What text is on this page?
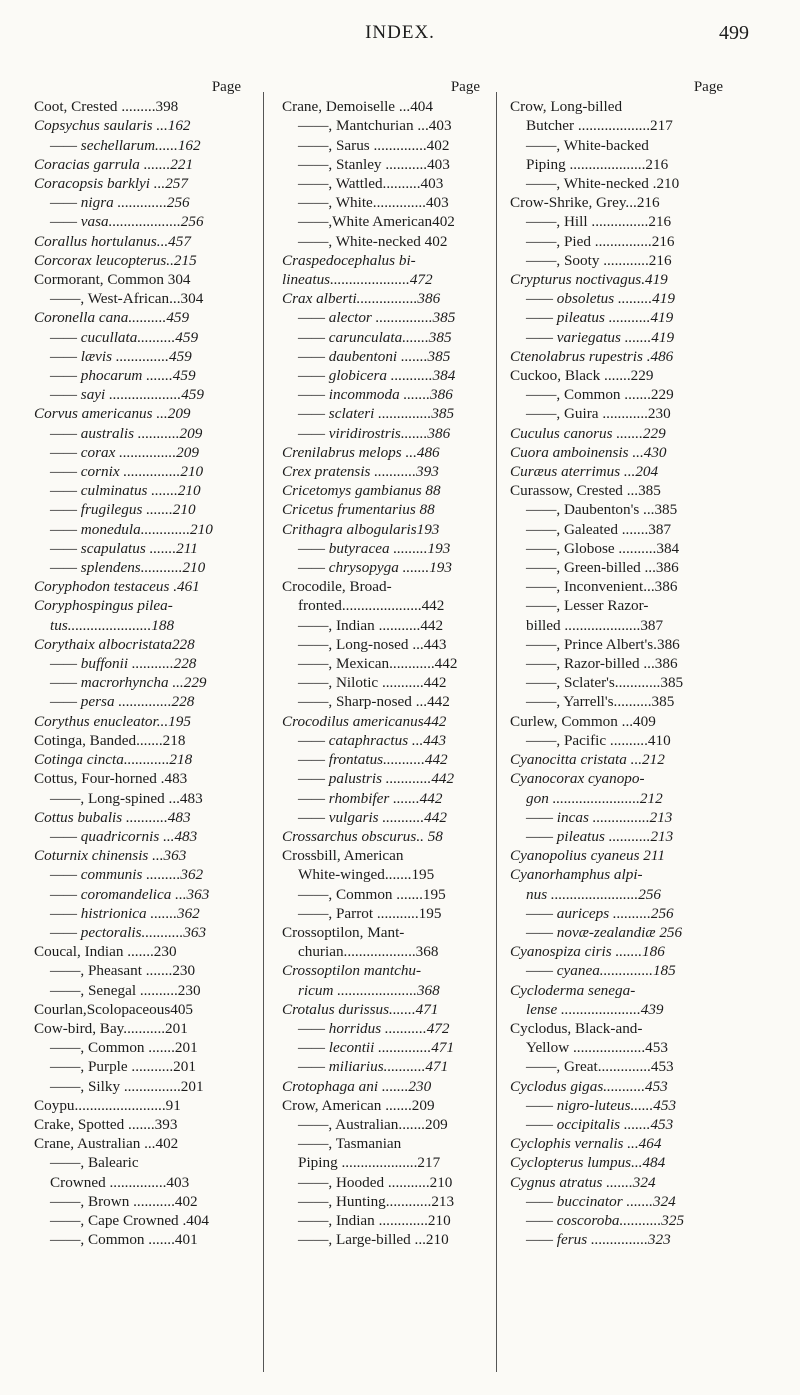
INDEX.	499
Page
Coot, Crested .........398
Copsychus saularis ...162
—— sechellarum......162
Coracias garrula .......221
Coracopsis barklyi ...257
—— nigra .............256
—— vasa...................256
Corallus hortulanus...457
Corcorax leucopterus..215
Cormorant, Common 304
——, West-African...304
Coronella cana..........459
—— cucullata..........459
—— lævis ..............459
—— phocarum .......459
—— sayi ...................459
Corvus americanus ...209
—— australis ...........209
—— corax ...............209
—— cornix ...............210
—— culminatus .......210
—— frugilegus .......210
—— monedula.............210
—— scapulatus .......211
—— splendens...........210
Coryphodon testaceus .461
Coryphospingus pilea-
tus......................188
Corythaix albocristata228
—— buffonii ...........228
—— macrorhyncha ...229
—— persa ..............228
Corythus enucleator...195
Cotinga, Banded.......218
Cotinga cincta............218
Cottus, Four-horned .483
——, Long-spined ...483
Cottus bubalis ...........483
—— quadricornis ...483
Coturnix chinensis ...363
—— communis .........362
—— coromandelica ...363
—— histrionica .......362
—— pectoralis...........363
Coucal, Indian .......230
——, Pheasant .......230
——, Senegal ..........230
Courlan,Scolopaceous405
Cow-bird, Bay...........201
——, Common .......201
——, Purple ...........201
——, Silky ...............201
Coypu........................91
Crake, Spotted .......393
Crane, Australian ...402
——, Balearic
Crowned ...............403
——, Brown ...........402
——, Cape Crowned .404
——, Common .......401
Page
Crane, Demoiselle ...404
——, Mantchurian ...403
——, Sarus ..............402
——, Stanley ...........403
——, Wattled..........403
——, White..............403
——,White American402
——, White-necked 402
Craspedocephalus bi-
lineatus.....................472
Crax alberti................386
—— alector ...............385
—— carunculata.......385
—— daubentoni .......385
—— globicera ...........384
—— incommoda .......386
—— sclateri ..............385
—— viridirostris.......386
Crenilabrus melops ...486
Crex pratensis ...........393
Cricetomys gambianus 88
Cricetus frumentarius 88
Crithagra albogularis193
—— butyracea .........193
—— chrysopyga .......193
Crocodile, Broad-
fronted.....................442
——, Indian ...........442
——, Long-nosed ...443
——, Mexican............442
——, Nilotic ...........442
——, Sharp-nosed ...442
Crocodilus americanus442
—— cataphractus ...443
—— frontatus...........442
—— palustris ............442
—— rhombifer .......442
—— vulgaris ...........442
Crossarchus obscurus.. 58
Crossbill, American
White-winged.......195
——, Common .......195
——, Parrot ...........195
Crossoptilon, Mant-
churian...................368
Crossoptilon mantchu-
ricum .....................368
Crotalus durissus.......471
—— horridus ...........472
—— lecontii ..............471
—— miliarius...........471
Crotophaga ani .......230
Crow, American .......209
——, Australian.......209
——, Tasmanian
Piping ....................217
——, Hooded ...........210
——, Hunting............213
——, Indian .............210
——, Large-billed ...210
Page
Crow, Long-billed
Butcher ...................217
——, White-backed
Piping ....................216
——, White-necked .210
Crow-Shrike, Grey...216
——, Hill ...............216
——, Pied ...............216
——, Sooty ............216
Crypturus noctivagus.419
—— obsoletus .........419
—— pileatus ...........419
—— variegatus .......419
Ctenolabrus rupestris .486
Cuckoo, Black .......229
——, Common .......229
——, Guira ............230
Cuculus canorus .......229
Cuora amboinensis ...430
Curæus aterrimus ...204
Curassow, Crested ...385
——, Daubenton's ...385
——, Galeated .......387
——, Globose ..........384
——, Green-billed ...386
——, Inconvenient...386
——, Lesser Razor-
billed ....................387
——, Prince Albert's.386
——, Razor-billed ...386
——, Sclater's............385
——, Yarrell's..........385
Curlew, Common ...409
——, Pacific ..........410
Cyanocitta cristata ...212
Cyanocorax cyanopo-
gon .......................212
—— incas ...............213
—— pileatus ...........213
Cyanopolius cyaneus 211
Cyanorhamphus alpi-
nus .......................256
—— auriceps ..........256
—— novæ-zealandiæ 256
Cyanospiza ciris .......186
—— cyanea..............185
Cycloderma senega-
lense .....................439
Cyclodus, Black-and-
Yellow ...................453
——, Great..............453
Cyclodus gigas...........453
—— nigro-luteus......453
—— occipitalis .......453
Cyclophis vernalis ...464
Cyclopterus lumpus...484
Cygnus atratus .......324
—— buccinator .......324
—— coscoroba...........325
—— ferus ...............323
